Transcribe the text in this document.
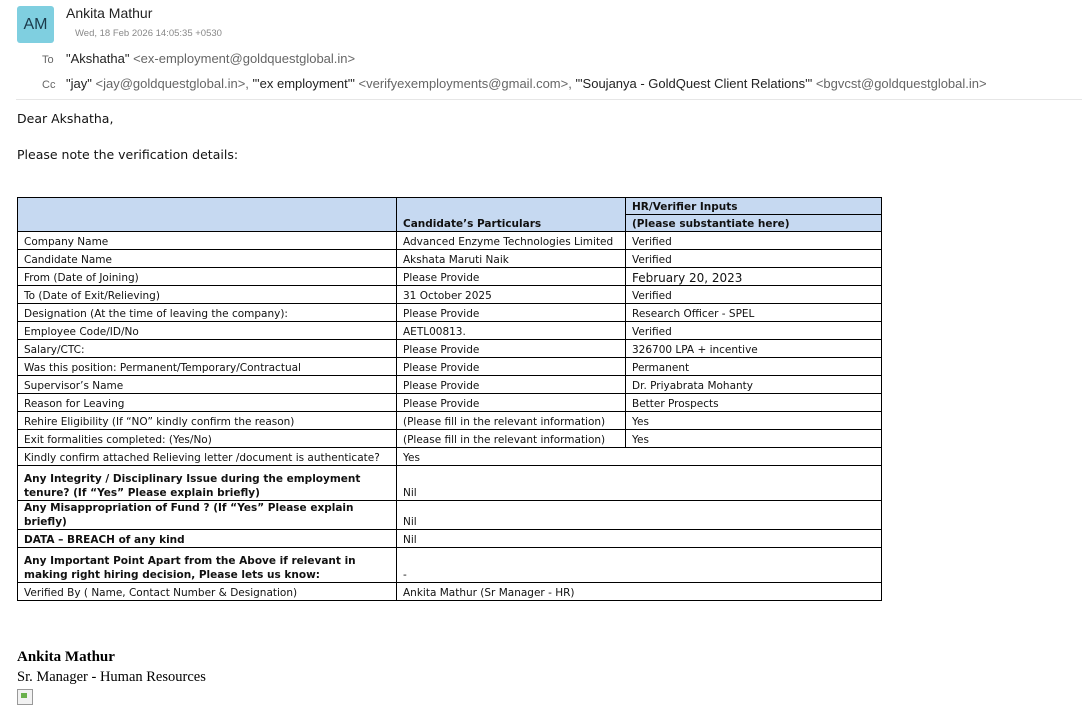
AM
Ankita Mathur
Wed, 18 Feb 2026 14:05:35 +0530
To "Akshatha" <ex-employment@goldquestglobal.in>
Cc "jay" <jay@goldquestglobal.in>, "'ex employment'" <verifyexemployments@gmail.com>, "'Soujanya - GoldQuest Client Relations'" <bgvcst@goldquestglobal.in>
Dear Akshatha,
Please note the verification details:
	Candidate’s Particulars	HR/Verifier Inputs
		(Please substantiate here)
Company Name	Advanced Enzyme Technologies Limited	Verified
Candidate Name	Akshata Maruti Naik	Verified
From (Date of Joining)	Please Provide	February 20, 2023
To (Date of Exit/Relieving)	31 October 2025	Verified
Designation (At the time of leaving the company):	Please Provide	Research Officer - SPEL
Employee Code/ID/No	AETL00813.	Verified
Salary/CTC:	Please Provide	326700 LPA + incentive
Was this position: Permanent/Temporary/Contractual	Please Provide	Permanent
Supervisor’s Name	Please Provide	Dr. Priyabrata Mohanty
Reason for Leaving	Please Provide	Better Prospects
Rehire Eligibility (If “NO” kindly confirm the reason)	(Please fill in the relevant information)	Yes
Exit formalities completed: (Yes/No)	(Please fill in the relevant information)	Yes
Kindly confirm attached Relieving letter /document is authenticate?	Yes	
Any Integrity / Disciplinary Issue during the employment tenure? (If “Yes” Please explain briefly)	Nil	
Any Misappropriation of Fund ? (If “Yes” Please explain briefly)	Nil	
DATA – BREACH of any kind	Nil	
Any Important Point Apart from the Above if relevant in making right hiring decision, Please lets us know:	-	
Verified By ( Name, Contact Number & Designation)	Ankita Mathur (Sr Manager - HR)	
Ankita Mathur
Sr. Manager - Human Resources
